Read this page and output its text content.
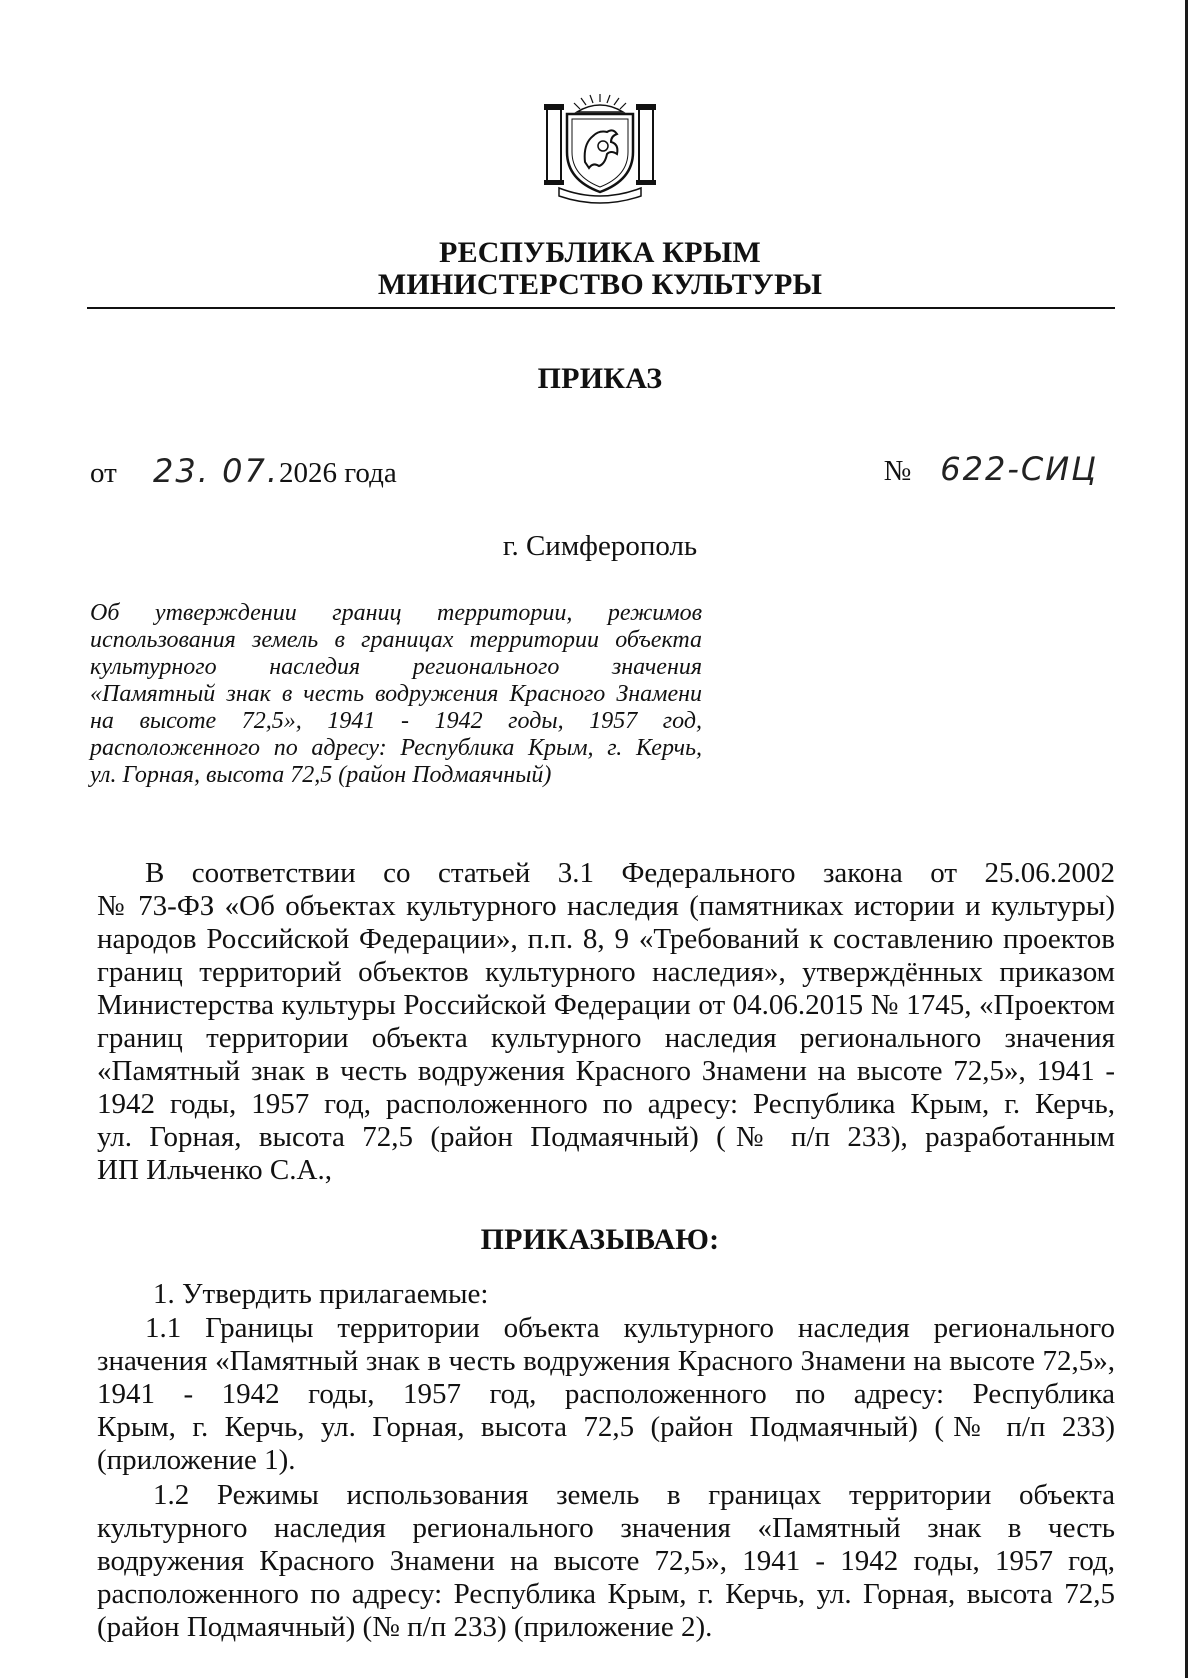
РЕСПУБЛИКА КРЫМ
МИНИСТЕРСТВО КУЛЬТУРЫ
ПРИКАЗ
от 23. 07.2026 года	№ 622-СИЦ
г. Симферополь
Об утверждении границ территории, режимов
использования земель в границах территории объекта
культурного наследия регионального значения
«Памятный знак в честь водружения Красного Знамени
на высоте 72,5», 1941 - 1942 годы, 1957 год,
расположенного по адресу: Республика Крым, г. Керчь,
ул. Горная, высота 72,5 (район Подмаячный)
В соответствии со статьей 3.1 Федерального закона от 25.06.2002
№ 73-ФЗ «Об объектах культурного наследия (памятниках истории и культуры)
народов Российской Федерации», п.п. 8, 9 «Требований к составлению проектов
границ территорий объектов культурного наследия», утверждённых приказом
Министерства культуры Российской Федерации от 04.06.2015 № 1745, «Проектом
границ территории объекта культурного наследия регионального значения
«Памятный знак в честь водружения Красного Знамени на высоте 72,5», 1941 -
1942 годы, 1957 год, расположенного по адресу: Республика Крым, г. Керчь,
ул. Горная, высота 72,5 (район Подмаячный) (№ п/п 233), разработанным
ИП Ильченко С.А.,
ПРИКАЗЫВАЮ:
1. Утвердить прилагаемые:
1.1 Границы территории объекта культурного наследия регионального
значения «Памятный знак в честь водружения Красного Знамени на высоте 72,5»,
1941 - 1942 годы, 1957 год, расположенного по адресу: Республика
Крым, г. Керчь, ул. Горная, высота 72,5 (район Подмаячный) (№ п/п 233)
(приложение 1).
1.2 Режимы использования земель в границах территории объекта
культурного наследия регионального значения «Памятный знак в честь
водружения Красного Знамени на высоте 72,5», 1941 - 1942 годы, 1957 год,
расположенного по адресу: Республика Крым, г. Керчь, ул. Горная, высота 72,5
(район Подмаячный) (№ п/п 233) (приложение 2).
